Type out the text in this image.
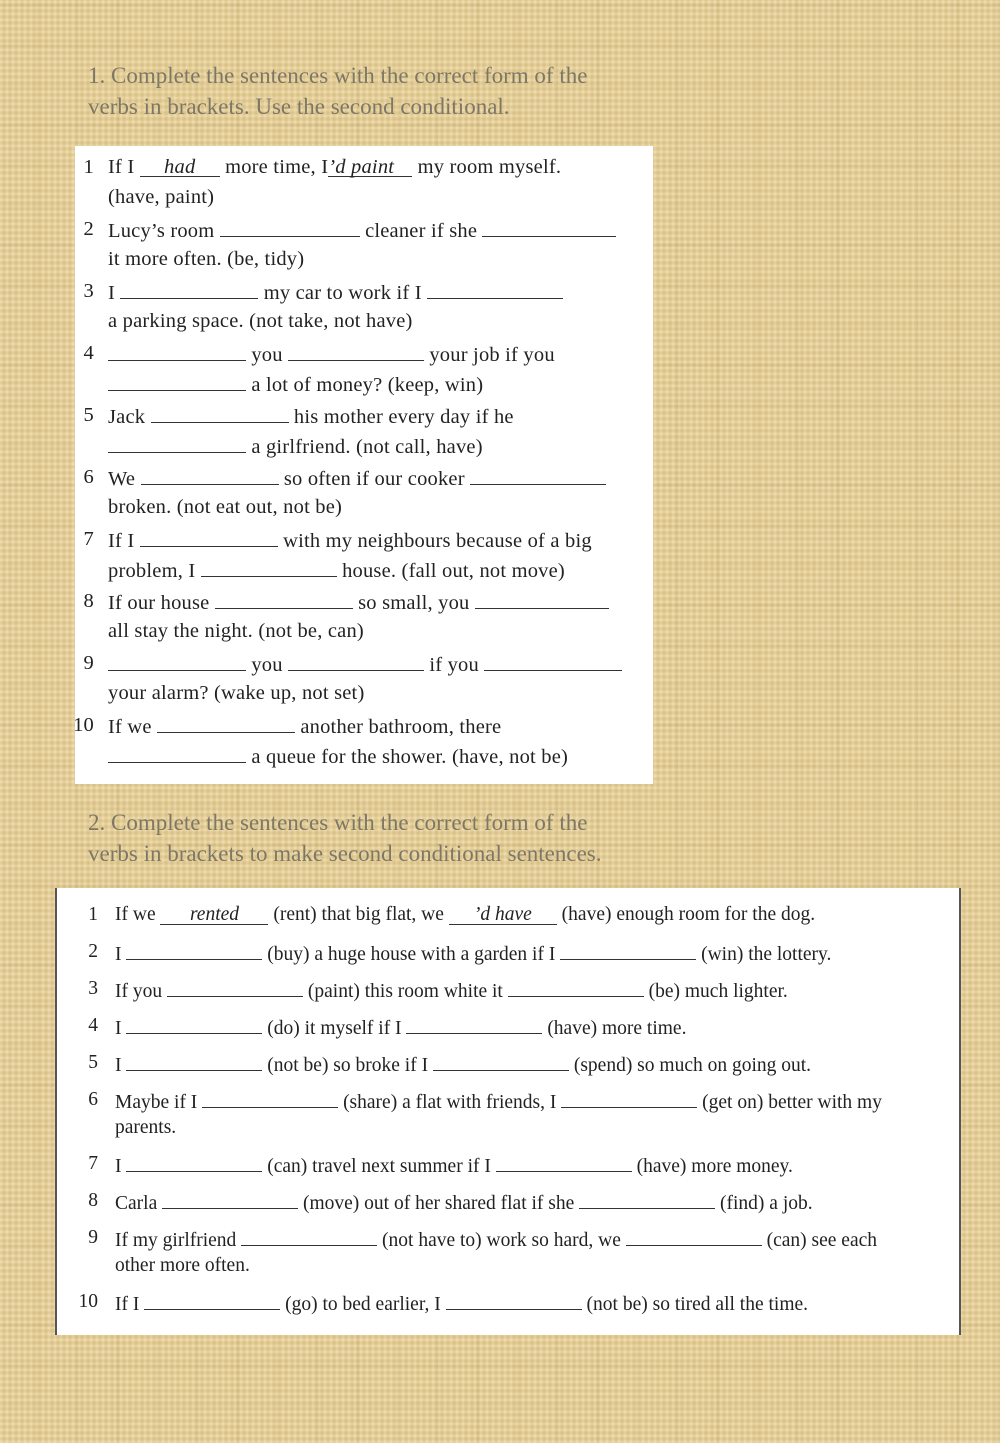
1. Complete the sentences with the correct form of the
verbs in brackets. Use the second conditional.

1 If I had more time, I’d paint my room myself.
(have, paint)
2 Lucy’s room	cleaner if she
it more often. (be, tidy)
3 I	my car to work if I
a parking space. (not take, not have)
4	you	your job if you
a lot of money? (keep, win)
5 Jack	his mother every day if he
a girlfriend. (not call, have)
6 We	so often if our cooker
broken. (not eat out, not be)
7 If I	with my neighbours because of a big
problem, I	house. (fall out, not move)
8 If our house	so small, you
all stay the night. (not be, can)
9	you	if you
your alarm? (wake up, not set)
10 If we	another bathroom, there
a queue for the shower. (have, not be)

2. Complete the sentences with the correct form of the
verbs in brackets to make second conditional sentences.

1 If we rented (rent) that big flat, we ’d have (have) enough room for the dog.
2 I	(buy) a huge house with a garden if I	(win) the lottery.
3 If you	(paint) this room white it	(be) much lighter.
4 I	(do) it myself if I	(have) more time.
5 I	(not be) so broke if I	(spend) so much on going out.
6 Maybe if I	(share) a flat with friends, I	(get on) better with my
parents.
7 I	(can) travel next summer if I	(have) more money.
8 Carla	(move) out of her shared flat if she	(find) a job.
9 If my girlfriend	(not have to) work so hard, we	(can) see each
other more often.
10 If I	(go) to bed earlier, I	(not be) so tired all the time.
